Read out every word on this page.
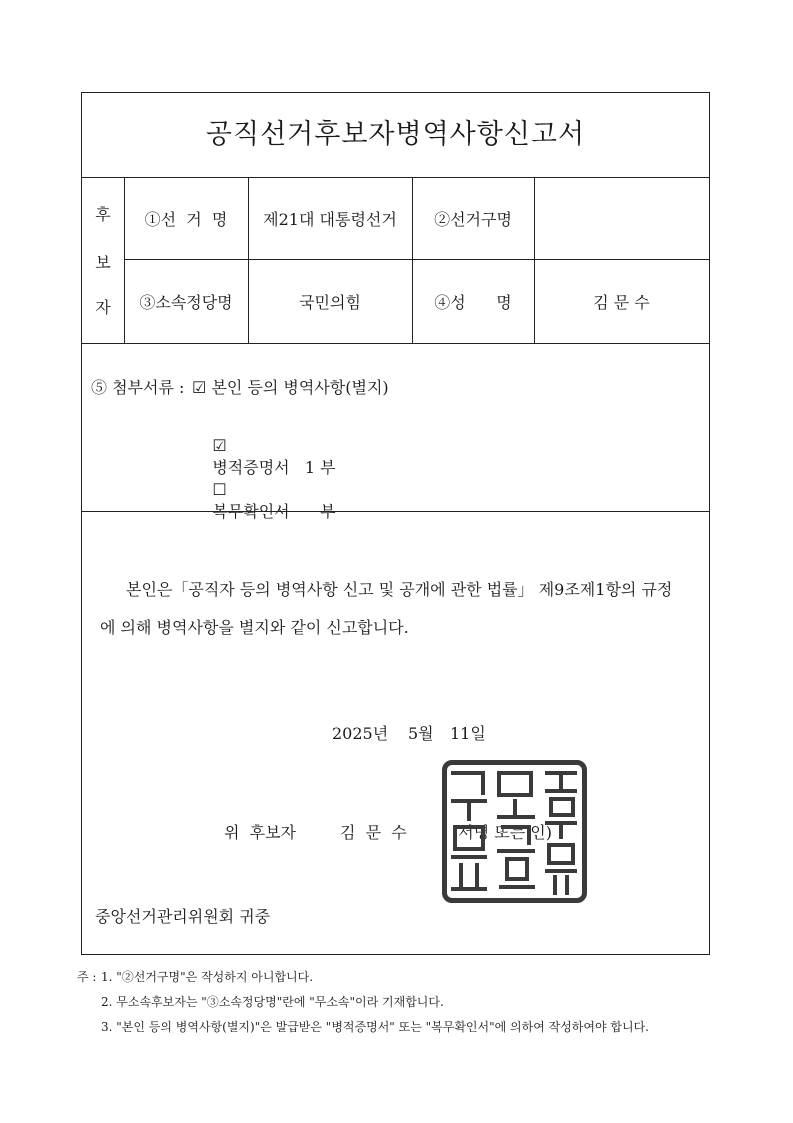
공직선거후보자병역사항신고서
후
보
자
①선  거  명	제21대 대통령선거	②선거구명
③소속정당명	국민의힘	④성      명	김 문 수
⑤ 첨부서류 : ☑ 본인 등의 병역사항(별지)

☑
병적증명서   1 부

☐
복무확인서      부

본인은「공직자 등의 병역사항 신고 및 공개에 관한 법률」 제9조제1항의 규정
에 의해 병역사항을 별지와 같이 신고합니다.
2025년 5월 11일
위  후보자	김  문  수	(서명 또는 인)
중앙선거관리위원회 귀중
주 : 1. "②선거구명"은 작성하지 아니합니다.
2. 무소속후보자는 "③소속정당명"란에 "무소속"이라 기재합니다.
3. "본인 등의 병역사항(별지)"은 발급받은 "병적증명서" 또는 "복무확인서"에 의하여 작성하여야 합니다.
